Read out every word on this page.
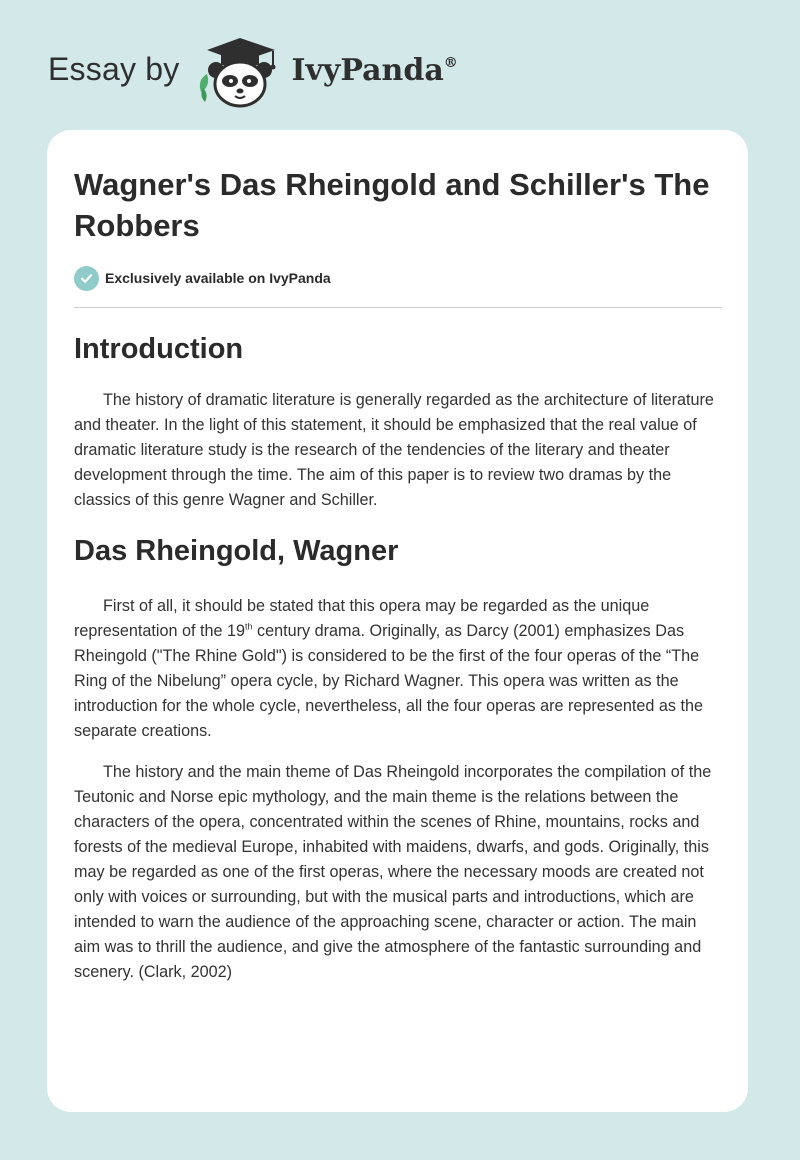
Essay by	IvyPanda®
Wagner's Das Rheingold and Schiller's The Robbers
Exclusively available on IvyPanda
Introduction

The history of dramatic literature is generally regarded as the architecture of literature and theater. In the light of this statement, it should be emphasized that the real value of dramatic literature study is the research of the tendencies of the literary and theater development through the time. The aim of this paper is to review two dramas by the classics of this genre Wagner and Schiller.

Das Rheingold, Wagner

First of all, it should be stated that this opera may be regarded as the unique representation of the 19th century drama. Originally, as Darcy (2001) emphasizes Das Rheingold ("The Rhine Gold") is considered to be the first of the four operas of the “The Ring of the Nibelung” opera cycle, by Richard Wagner. This opera was written as the introduction for the whole cycle, nevertheless, all the four operas are represented as the separate creations.

The history and the main theme of Das Rheingold incorporates the compilation of the Teutonic and Norse epic mythology, and the main theme is the relations between the characters of the opera, concentrated within the scenes of Rhine, mountains, rocks and forests of the medieval Europe, inhabited with maidens, dwarfs, and gods. Originally, this may be regarded as one of the first operas, where the necessary moods are created not only with voices or surrounding, but with the musical parts and introductions, which are intended to warn the audience of the approaching scene, character or action. The main aim was to thrill the audience, and give the atmosphere of the fantastic surrounding and scenery. (Clark, 2002)
